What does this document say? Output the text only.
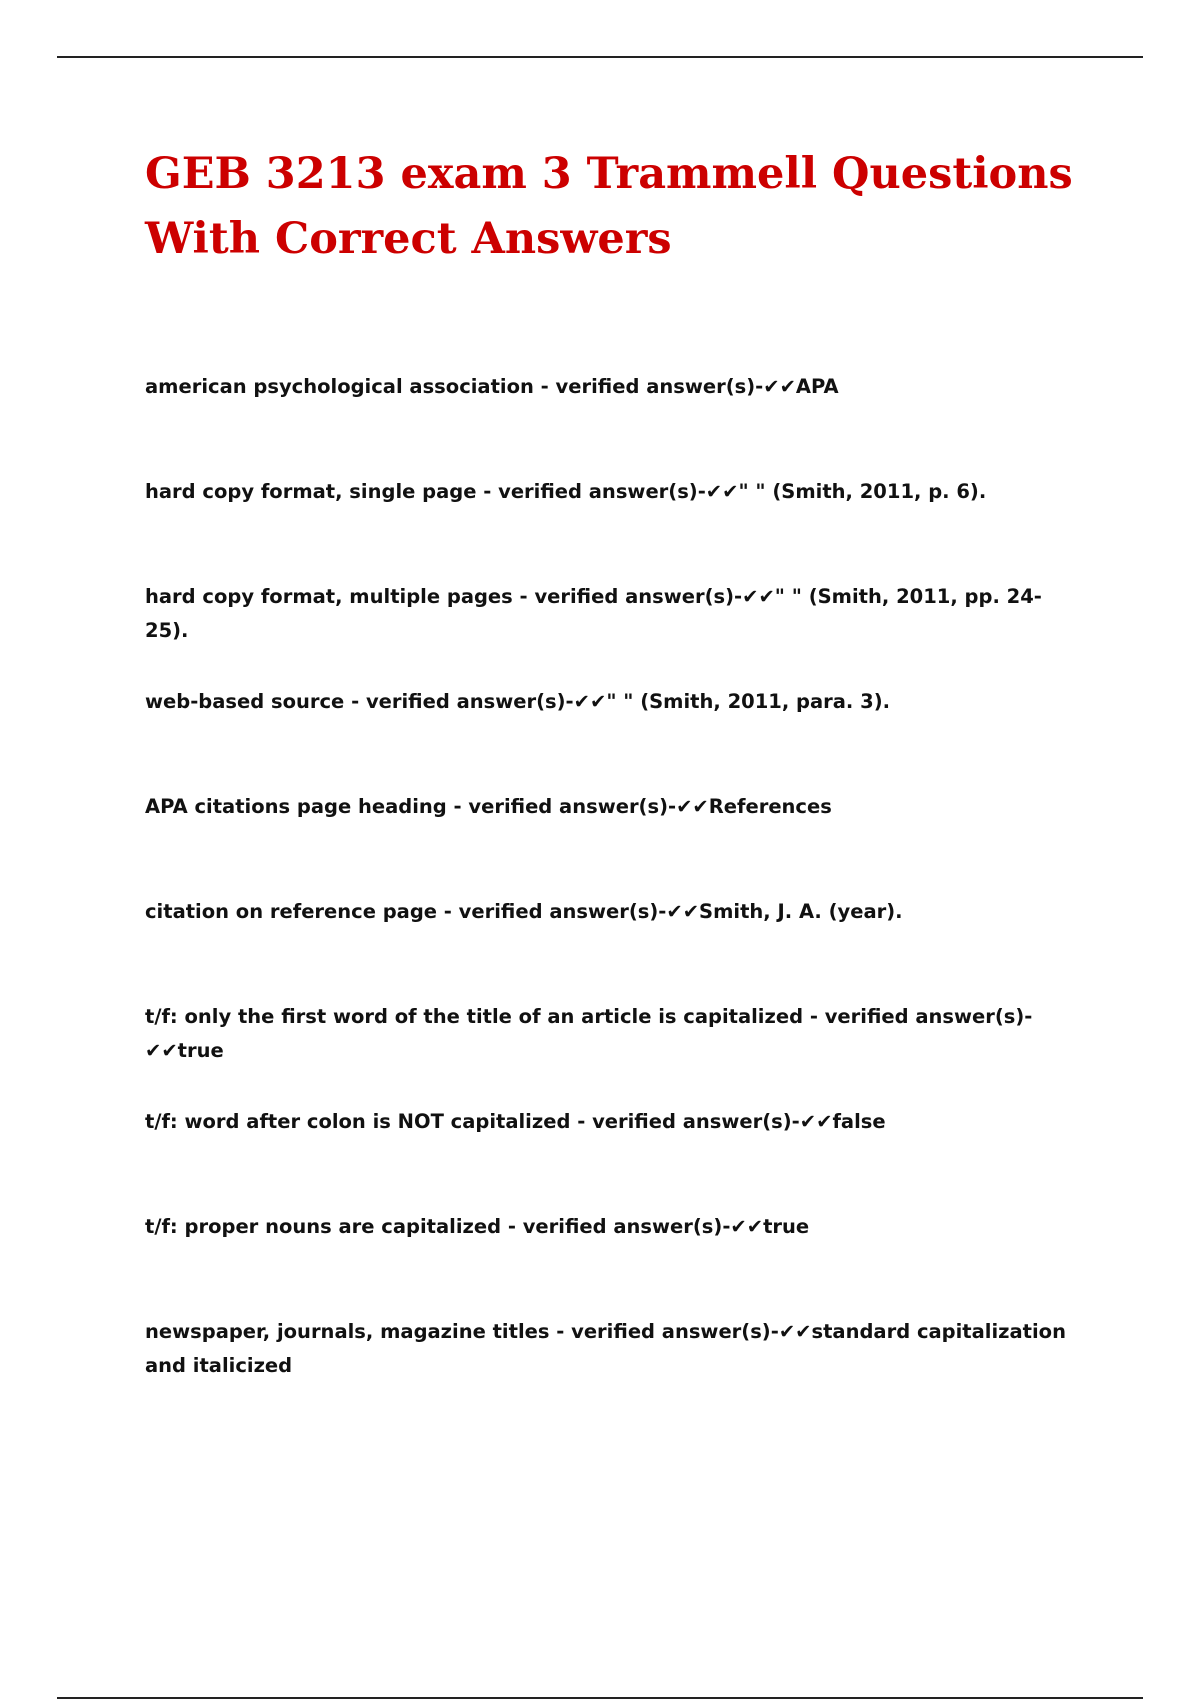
GEB 3213 exam 3 Trammell Questions With Correct Answers
american psychological association - verified answer(s)-✔✔APA
hard copy format, single page - verified answer(s)-✔✔" " (Smith, 2011, p. 6).
hard copy format, multiple pages - verified answer(s)-✔✔" " (Smith, 2011, pp. 24-25).
web-based source - verified answer(s)-✔✔" " (Smith, 2011, para. 3).
APA citations page heading - verified answer(s)-✔✔References
citation on reference page - verified answer(s)-✔✔Smith, J. A. (year).
t/f: only the first word of the title of an article is capitalized - verified answer(s)-✔✔true
t/f: word after colon is NOT capitalized - verified answer(s)-✔✔false
t/f: proper nouns are capitalized - verified answer(s)-✔✔true
newspaper, journals, magazine titles - verified answer(s)-✔✔standard capitalization and italicized
